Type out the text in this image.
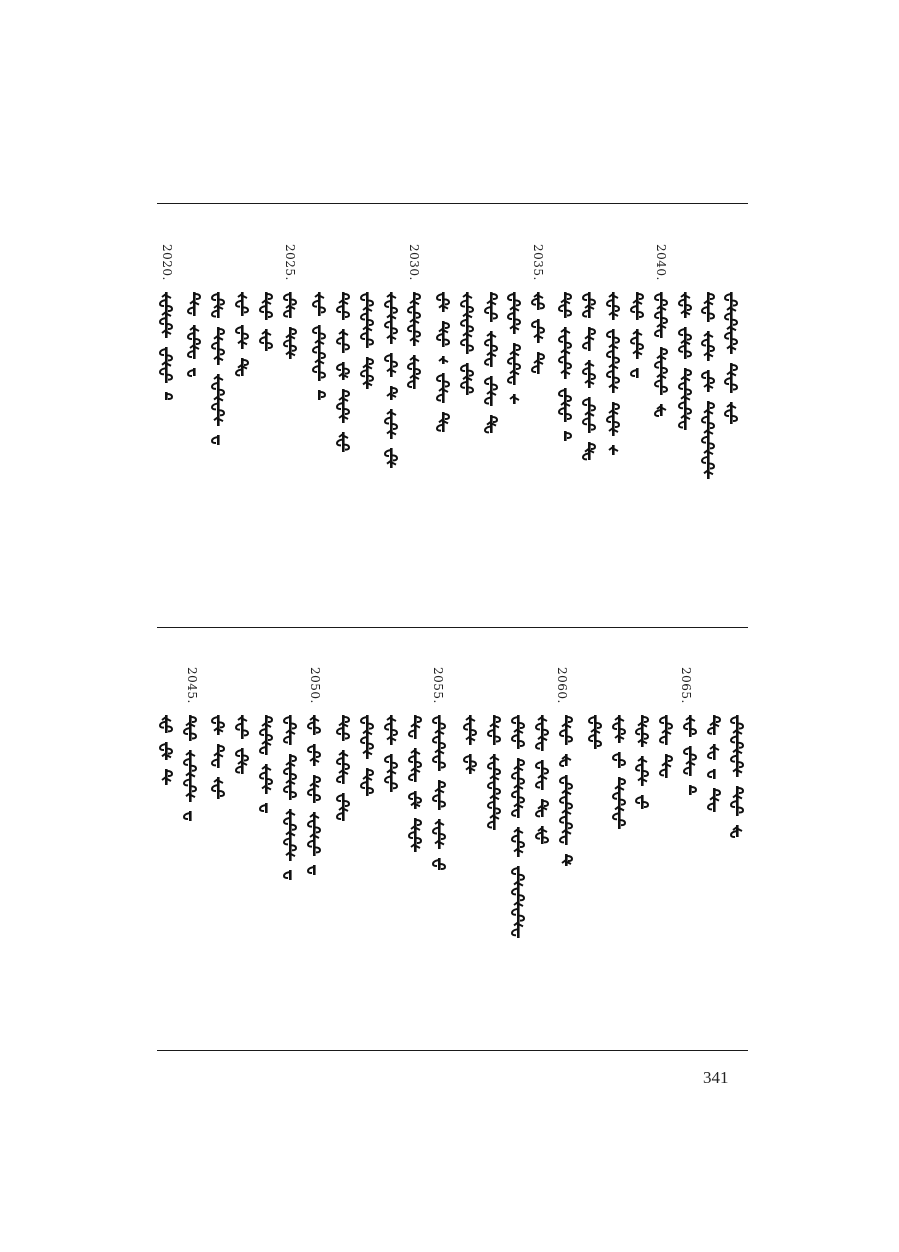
2040.
2035.
2030.
2025.
2020.
2065.
2060.
2055.
2050.
2045.
341
